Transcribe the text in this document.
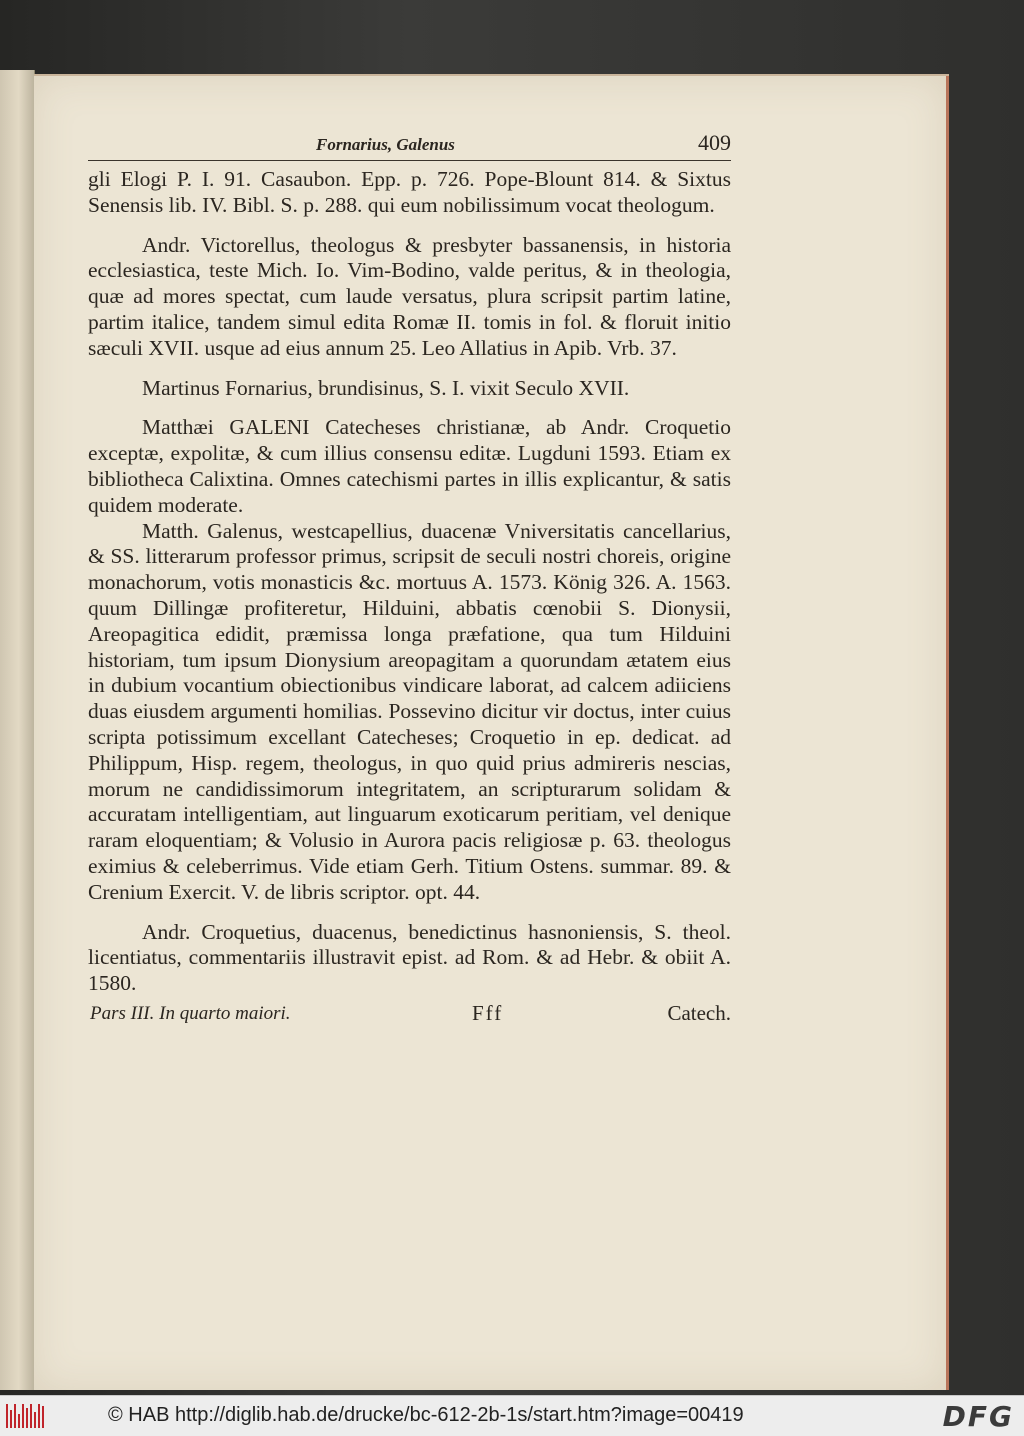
Fornarius, Galenus	409

gli Elogi P. I. 91. Casaubon. Epp. p. 726. Pope-Blount 814. & Sixtus Senensis lib. IV. Bibl. S. p. 288. qui eum nobilissimum vocat theologum.

Andr. Victorellus, theologus & presbyter bassanensis, in historia ecclesiastica, teste Mich. Io. Vim-Bodino, valde peritus, & in theologia, quæ ad mores spectat, cum laude versatus, plura scripsit partim latine, partim italice, tandem simul edita Romæ II. tomis in fol. & floruit initio sæculi XVII. usque ad eius annum 25. Leo Allatius in Apib. Vrb. 37.

Martinus Fornarius, brundisinus, S. I. vixit Seculo XVII.

Matthæi GALENI Catecheses christianæ, ab Andr. Croquetio exceptæ, expolitæ, & cum illius consensu editæ. Lugduni 1593. Etiam ex bibliotheca Calixtina. Omnes catechismi partes in illis explicantur, & satis quidem moderate.

Matth. Galenus, westcapellius, duacenæ Vniversitatis cancellarius, & SS. litterarum professor primus, scripsit de seculi nostri choreis, origine monachorum, votis monasticis &c. mortuus A. 1573. König 326. A. 1563. quum Dillingæ profiteretur, Hilduini, abbatis cœnobii S. Dionysii, Areopagitica edidit, præmissa longa præfatione, qua tum Hilduini historiam, tum ipsum Dionysium areopagitam a quorundam ætatem eius in dubium vocantium obiectionibus vindicare laborat, ad calcem adiiciens duas eiusdem argumenti homilias. Possevino dicitur vir doctus, inter cuius scripta potissimum excellant Catecheses; Croquetio in ep. dedicat. ad Philippum, Hisp. regem, theologus, in quo quid prius admireris nescias, morum ne candidissimorum integritatem, an scripturarum solidam & accuratam intelligentiam, aut linguarum exoticarum peritiam, vel denique raram eloquentiam; & Volusio in Aurora pacis religiosæ p. 63. theologus eximius & celeberrimus. Vide etiam Gerh. Titium Ostens. summar. 89. & Crenium Exercit. V. de libris scriptor. opt. 44.

Andr. Croquetius, duacenus, benedictinus hasnoniensis, S. theol. licentiatus, commentariis illustravit epist. ad Rom. & ad Hebr. & obiit A. 1580.

Pars III. In quarto maiori.	Fff	Catech.
© HAB http://diglib.hab.de/drucke/bc-612-2b-1s/start.htm?image=00419	DFG
